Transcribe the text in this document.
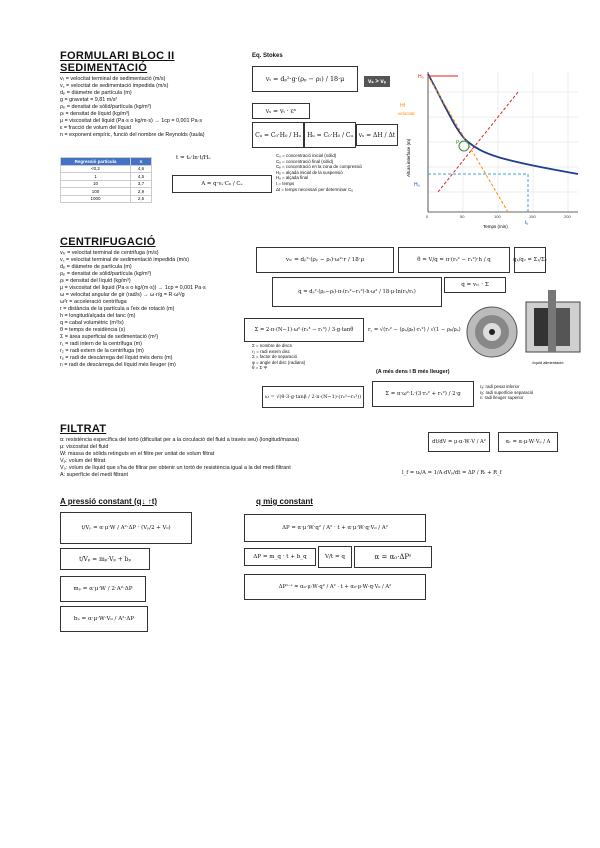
FORMULARI BLOC II
SEDIMENTACIÓ
vₜ = velocitat terminal de sedimentació (m/s)
v꜀ = velocitat de sedimentació impedida (m/s)
dₚ = diàmetre de partícula (m)
g = gravetat = 9,81 m/s²
ρₚ = densitat de sòlid/partícula (kg/m³)
ρₗ = densitat de líquid (kg/m³)
μ = viscositat del líquid (Pa·s o kg/m·s) → 1cp = 0,001 Pa·s
ε = fracció de volum del líquid
n = exponent empíric, funció del nombre de Reynolds (taula)
Regressió partícula	n
<0,2	4,6
1	4,5
10	3,7
100	2,9
1000	2,5
Eq. Stokes
vₜ = dₚ²·g·(ρₚ − ρₗ) / 18·μ	vₛ > vₑ
vₛ = vₜ · εⁿ
Cᵤ = C₀·H₀ / Hᵤ	Hᵤ = C₀·H₀ / Cᵤ vₛ = ΔH / Δt
t = t₀·ln·t/Hᵤ
A = q·vₛ·C₀ / Cₑ
C₀ = concentració inicial (sòlid)
Cᵤ = concentració final (sòlid)
Cₑ = concentració en la zona de compressió
Hₒ = alçada inicial de la suspensió
Hᵤ = alçada final
t = temps
Δt = temps necessari per determinar Cᵤ
P
Hf
velocitat
H₀
Hᵤ
tᵤ
Altura interfase (m)
Temps (min)
0	50	100	150	200
CENTRIFUGACIÓ
vₜᵣ = velocitat terminal de centrifuga (m/s)
v꜀ = velocitat terminal de sedimentació impedida (m/s)
dₚ = diàmetre de partícula (m)
ρₚ = densitat de sòlid/partícula (kg/m³)
ρₗ = densitat del líquid (kg/m³)
μ = viscositat del líquid (Pa·s o kg/(m·s)) → 1cp = 0,001 Pa·s
ω = velocitat angular de gir (rad/s) → ω·r/g = R·ω²/g
ω²r = acceleració centrífuga
r = distància de la partícula a l'eix de rotació (m)
h = longitud/alçada del tanc (m)
q = cabal volumètric (m³/s)
θ = temps de residència (s)
Σ = àrea superficial de sedimentació (m²)
r₁ = radi intern de la centrífuga (m)
r₂ = radi extern de la centrífuga (m)
rₑ = radi de descàrrega del líquid més dens (m)
rₗ = radi de descàrrega del líquid més lleuger (m)
vₜᵣ = dₚ²·(ρₚ − ρₗ)·ω²·r / 18·μ	θ = V/q = π·(r₂² − r₁²)·h / q	q₁/q₂ = Σ₁/Σ₂
q = dₚ²·(ρₚ−ρₗ)·π·(r₂²−r₁²)·h·ω² / 18·μ·ln(r₂/r₁)
q = vₜᵣ · Σ
Σ = 2·π·(N−1)·ω²·(r₂³ − r₁³) / 3·g·tanθ	r꜀ = √(r₂² − (ρₐ/ρᵦ)·r₁²) / √(1 − ρᵦ/ρₐ)
Σ = nombre de discs
r₂ = radi extern disc
Σ = factor de separació
φ = angle del disc (radians)
θ = Σ·Ψ
ω = √(θ·3·g·tanβ / 2·π·(N−1)·(r₂³−r₁³))
(A més dens i B més lleuger)
Σ = π·ω²·L·(3·r₂² + r₁²) / 2·g
líquid alimentació
rₐ: radi pesat inferior
rᵦ: radi superficie separació
rₗ: radi lleuger superior
FILTRAT
α: resistència específica del tortó (dificultat per a la circulació del fluid a través seu) (longitud/massa)
μ: viscositat del fluid
W: massa de sòlids retinguts en el filtre per unitat de volum filtrat
Vₚ: volum del filtrat
V₀: volum de líquid que s'ha de filtrar per obtenir un tortó de resistència igual a la del medi filtrant
A: superfície del medi filtrant
dt/dV = μ·α·W·V / A²	αᵣ = α·μ·W·Vₚ / A
l_f = uₜ/A = 1/A·dVₚ/dt = ΔP / Rₜ + R_f
A pressió constant (q↓ ↑t)	q mig constant
t/Vₚ = α·μ·W / A²·ΔP · (Vₚ/2 + V₀)
t/Vₚ = mₚ·Vₚ + bₚ
mₚ = α·μ·W / 2·A²·ΔP
bₚ = α·μ·W·V₀ / A²·ΔP
ΔP = α·μ·W·q² / A² · t + α·μ·W·q·V₀ / A²
ΔP = m_q · t + b_q	V/t = q	α = α₀·ΔPˢ
ΔP¹⁻ˢ = α₀·μ·W·q² / A² · t + α₀·μ·W·q·V₀ / A²
